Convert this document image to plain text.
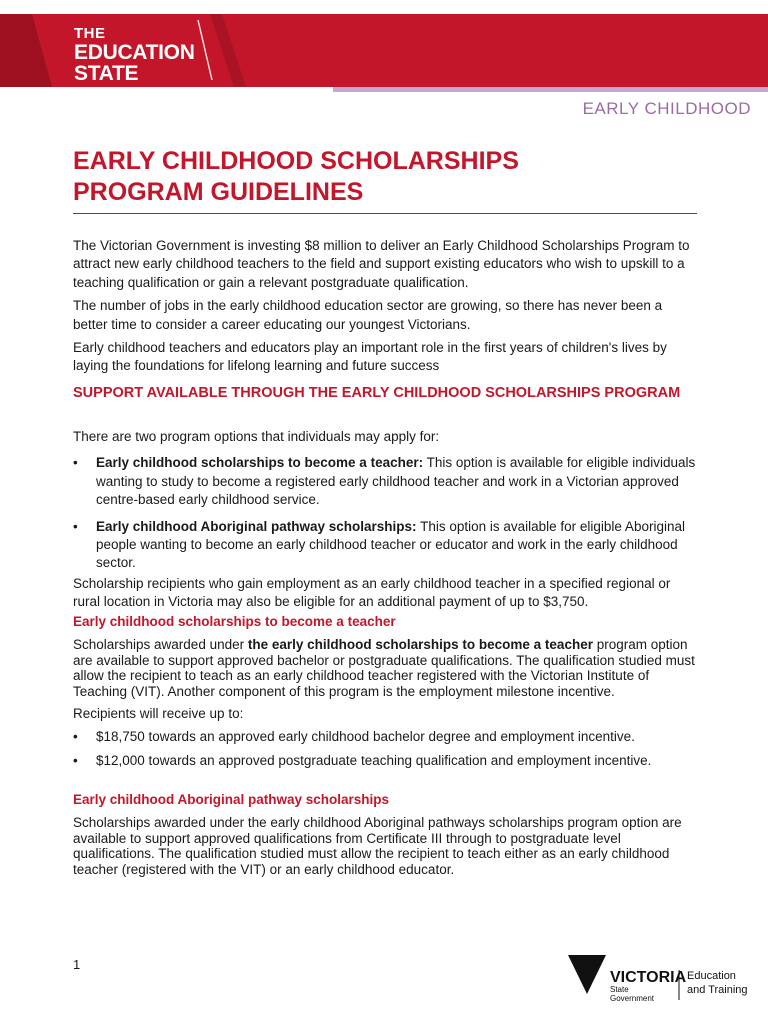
THE
EDUCATION
STATE
EARLY CHILDHOOD
EARLY CHILDHOOD SCHOLARSHIPS
PROGRAM GUIDELINES

The Victorian Government is investing $8 million to deliver an Early Childhood Scholarships Program to attract new early childhood teachers to the field and support existing educators who wish to upskill to a teaching qualification or gain a relevant postgraduate qualification.

The number of jobs in the early childhood education sector are growing, so there has never been a better time to consider a career educating our youngest Victorians.

Early childhood teachers and educators play an important role in the first years of children's lives by laying the foundations for lifelong learning and future success

SUPPORT AVAILABLE THROUGH THE EARLY CHILDHOOD SCHOLARSHIPS PROGRAM

There are two program options that individuals may apply for:

• Early childhood scholarships to become a teacher: This option is available for eligible individuals wanting to study to become a registered early childhood teacher and work in a Victorian approved centre-based early childhood service.
• Early childhood Aboriginal pathway scholarships: This option is available for eligible Aboriginal people wanting to become an early childhood teacher or educator and work in the early childhood sector.

Scholarship recipients who gain employment as an early childhood teacher in a specified regional or rural location in Victoria may also be eligible for an additional payment of up to $3,750.

Early childhood scholarships to become a teacher

Scholarships awarded under the early childhood scholarships to become a teacher program option are available to support approved bachelor or postgraduate qualifications. The qualification studied must allow the recipient to teach as an early childhood teacher registered with the Victorian Institute of Teaching (VIT). Another component of this program is the employment milestone incentive.

Recipients will receive up to:

• $18,750 towards an approved early childhood bachelor degree and employment incentive.
• $12,000 towards an approved postgraduate teaching qualification and employment incentive.
Early childhood Aboriginal pathway scholarships

Scholarships awarded under the early childhood Aboriginal pathways scholarships program option are available to support approved qualifications from Certificate III through to postgraduate level qualifications. The qualification studied must allow the recipient to teach either as an early childhood teacher (registered with the VIT) or an early childhood educator.

1
VICTORIA
State
Government
Education
and Training
